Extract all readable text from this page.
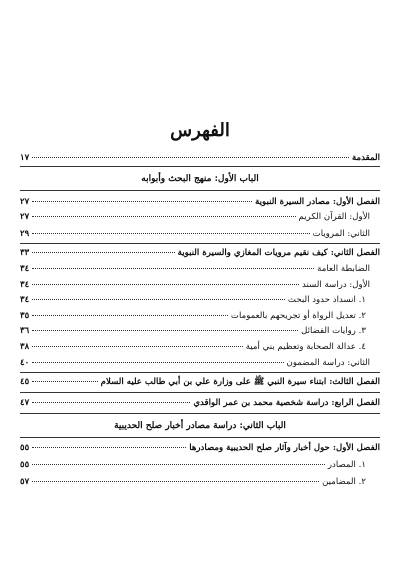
الفهرس
المقدمة
١٧
الباب الأول: منهج البحث وأبوابه
الفصل الأول: مصادر السيرة النبوية
٢٧
الأول: القرآن الكريم
٢٧
الثاني: المرويات
٢٩
الفصل الثاني: كيف نقيم مرويات المغازي والسيرة النبوية
٣٣
الضابطة العامة
٣٤
الأول: دراسة السند
٣٤
١. انسداد حدود البحث
٣٤
٢. تعديل الرواة أو تجريحهم بالعمومات
٣٥
٣. روايات الفضائل
٣٦
٤. عدالة الصحابة وتعظيم بني أمية
٣٨
الثاني: دراسة المضمون
٤٠
الفصل الثالث: ابتناء سيرة النبي ﷺ على وزارة علي بن أبي طالب عليه السلام
٤٥
الفصل الرابع: دراسة شخصية محمد بن عمر الواقدي
٤٧
الباب الثاني: دراسة مصادر أخبار صلح الحديبية
الفصل الأول: حول أخبار وآثار صلح الحديبية ومصادرها
٥٥
١. المصادر
٥٥
٢. المضامين
٥٧
